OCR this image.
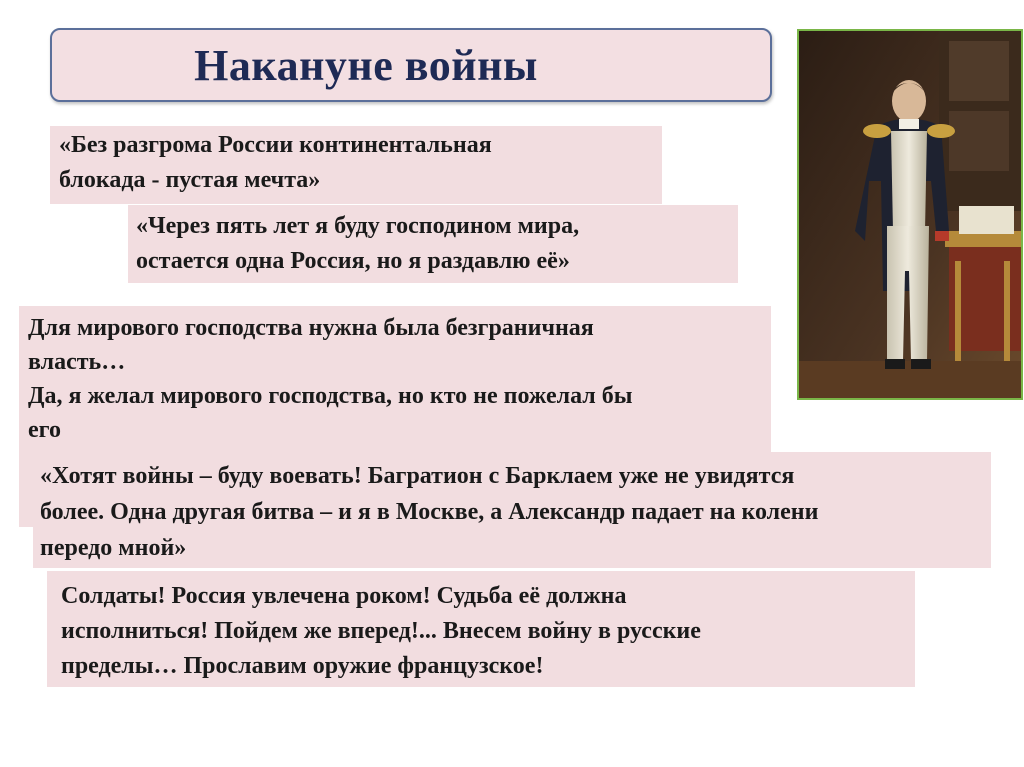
Накануне войны
«Без разгрома России континентальная
блокада - пустая мечта»
«Через пять лет я буду господином мира,
остается одна Россия, но я раздавлю её»
Для мирового господства нужна была безграничная
власть…
Да, я желал мирового господства, но кто не пожелал бы
его
«Хотят войны – буду воевать! Багратион с Барклаем уже не увидятся
более. Одна другая битва – и я в Москве, а Александр падает на колени
передо мной»
Солдаты! Россия увлечена роком! Судьба её должна
исполниться! Пойдем же вперед!... Внесем войну в русские
пределы… Прославим оружие французское!
